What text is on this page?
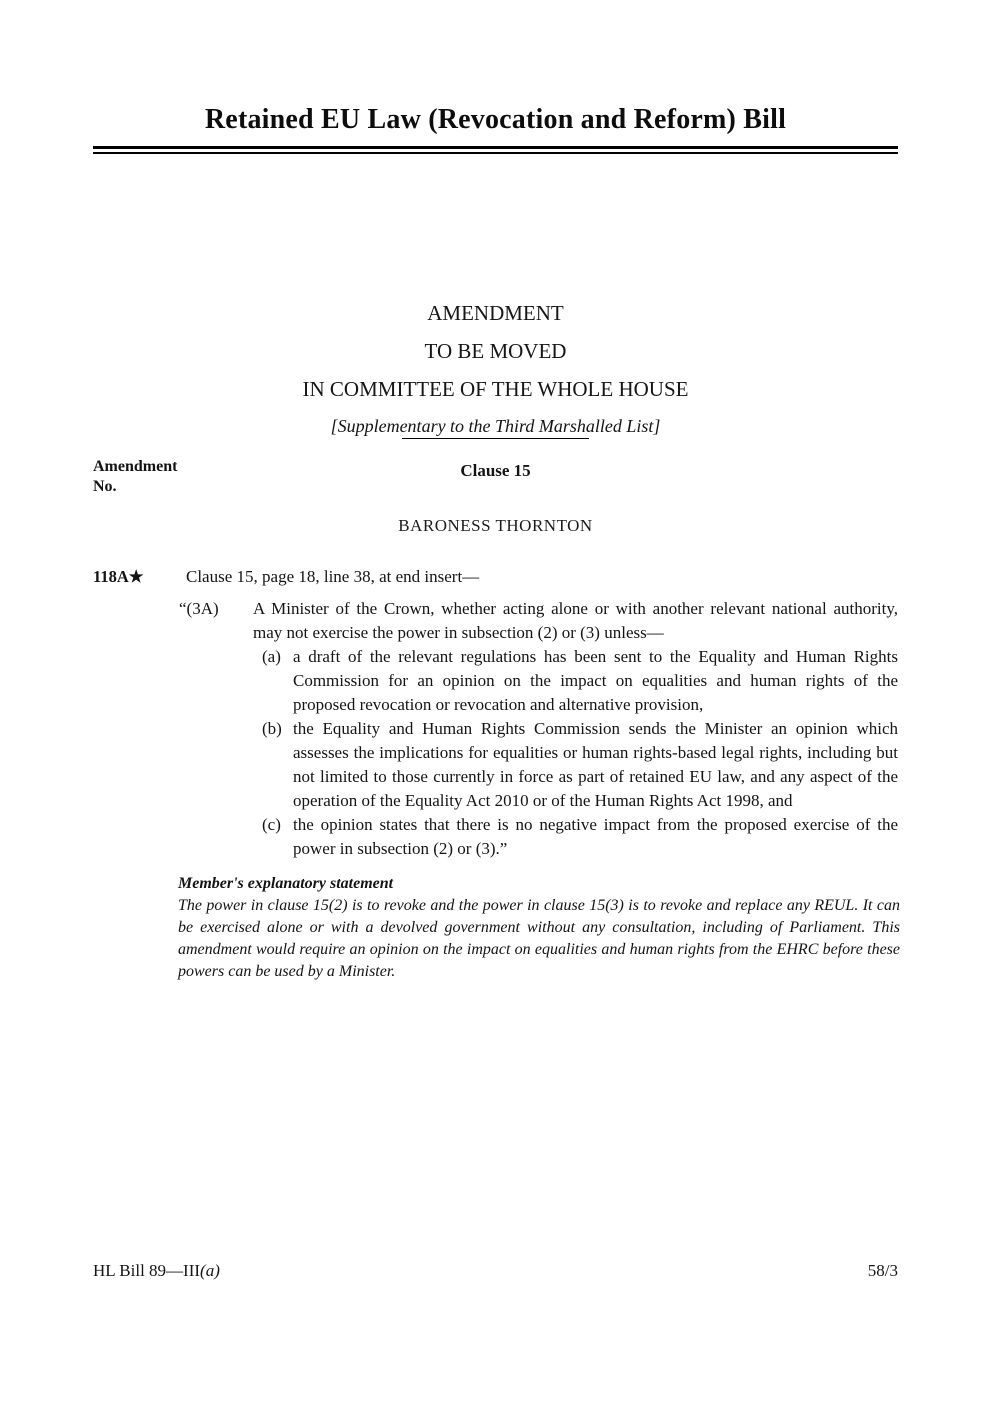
Retained EU Law (Revocation and Reform) Bill
AMENDMENT
TO BE MOVED
IN COMMITTEE OF THE WHOLE HOUSE
[Supplementary to the Third Marshalled List]
Amendment No.
Clause 15
BARONESS THORNTON
118A★	Clause 15, page 18, line 38, at end insert—
“(3A)	A Minister of the Crown, whether acting alone or with another relevant national authority, may not exercise the power in subsection (2) or (3) unless—
(a) a draft of the relevant regulations has been sent to the Equality and Human Rights Commission for an opinion on the impact on equalities and human rights of the proposed revocation or revocation and alternative provision,
(b) the Equality and Human Rights Commission sends the Minister an opinion which assesses the implications for equalities or human rights-based legal rights, including but not limited to those currently in force as part of retained EU law, and any aspect of the operation of the Equality Act 2010 or of the Human Rights Act 1998, and
(c) the opinion states that there is no negative impact from the proposed exercise of the power in subsection (2) or (3).”
Member's explanatory statement
The power in clause 15(2) is to revoke and the power in clause 15(3) is to revoke and replace any REUL. It can be exercised alone or with a devolved government without any consultation, including of Parliament. This amendment would require an opinion on the impact on equalities and human rights from the EHRC before these powers can be used by a Minister.
HL Bill 89—III(a)	58/3
